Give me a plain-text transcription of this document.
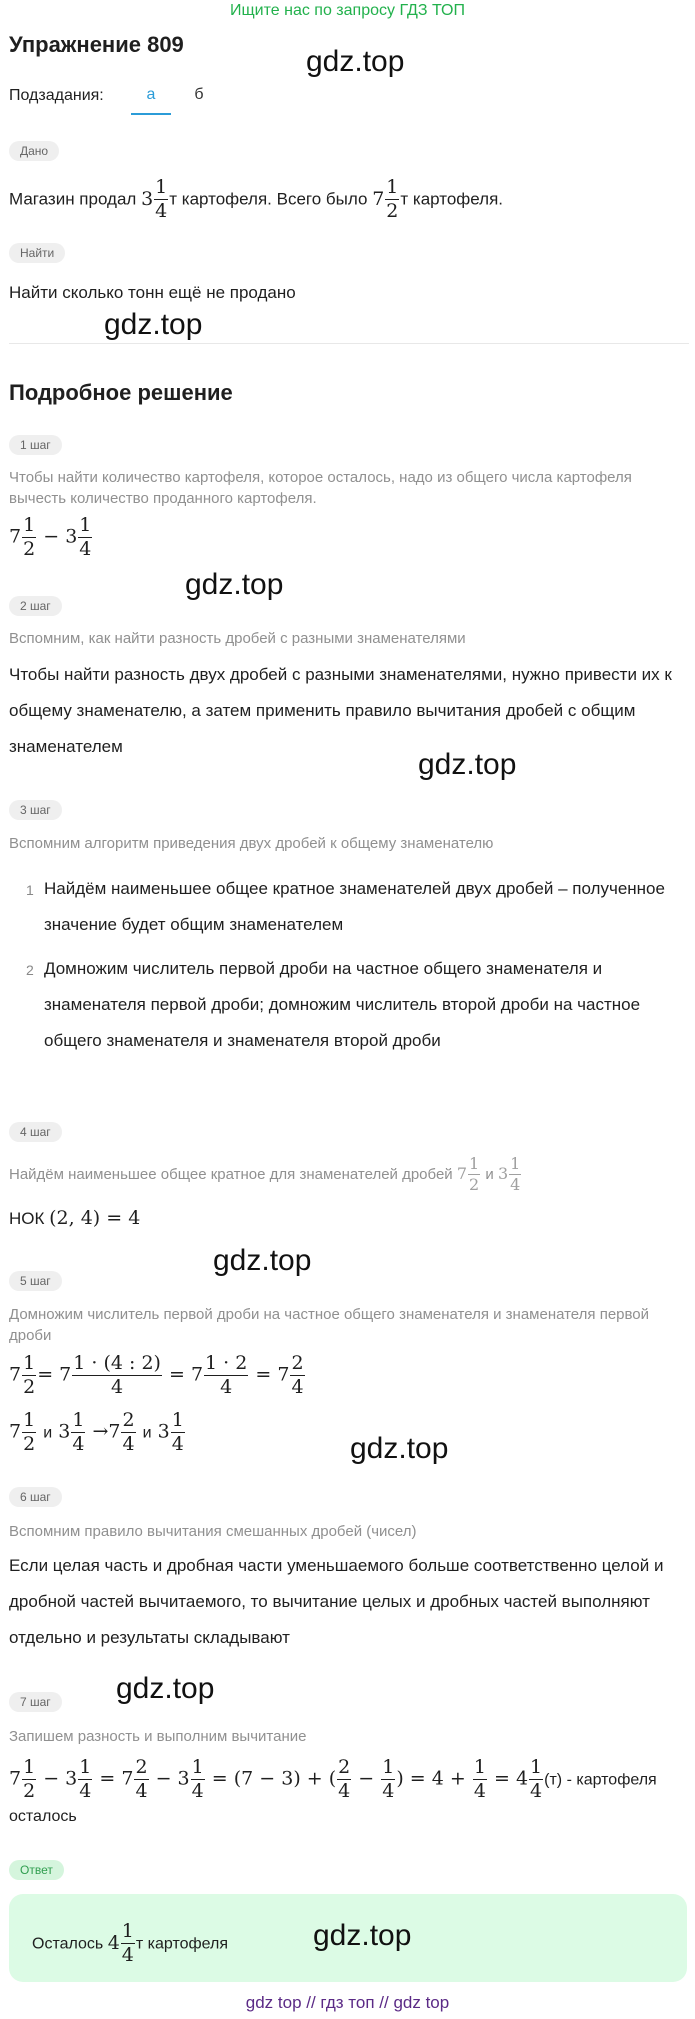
Ищите нас по запросу ГДЗ ТОП
Упражнение 809
gdz.top
Подзадания:	а	б
Дано
Магазин продал $3 \frac{1}{4}$ т картофеля. Всего было $7 \frac{1}{2}$ т картофеля.
Найти
Найти сколько тонн ещё не продано
gdz.top
Подробное решение
1 шаг
Чтобы найти количество картофеля, которое осталось, надо из общего числа картофеля вычесть количество проданного картофеля.
$7 \frac{1}{2} - 3 \frac{1}{4}$
gdz.top
2 шаг
Вспомним, как найти разность дробей с разными знаменателями
Чтобы найти разность двух дробей с разными знаменателями, нужно привести их к общему знаменателю, а затем применить правило вычитания дробей с общим знаменателем
gdz.top
3 шаг
Вспомним алгоритм приведения двух дробей к общему знаменателю
1 Найдём наименьшее общее кратное знаменателей двух дробей – полученное значение будет общим знаменателем
2 Домножим числитель первой дроби на частное общего знаменателя и знаменателя первой дроби; домножим числитель второй дроби на частное общего знаменателя и знаменателя второй дроби
4 шаг
Найдём наименьшее общее кратное для знаменателей дробей $7 \frac{1}{2}$ и $3 \frac{1}{4}$
НОК (2, 4) = 4
gdz.top
5 шаг
Домножим числитель первой дроби на частное общего знаменателя и знаменателя первой дроби
$7 \frac{1}{2} = 7 \frac{1 \cdot (4 : 2)}{4} = 7 \frac{1 \cdot 2}{4} = 7 \frac{2}{4}$
$7 \frac{1}{2}$ и $3 \frac{1}{4} \to 7 \frac{2}{4}$ и $3 \frac{1}{4}$	gdz.top
6 шаг
Вспомним правило вычитания смешанных дробей (чисел)
Если целая часть и дробная части уменьшаемого больше соответственно целой и дробной частей вычитаемого, то вычитание целых и дробных частей выполняют отдельно и результаты складывают
gdz.top
7 шаг
Запишем разность и выполним вычитание
$7 \frac{1}{2} - 3 \frac{1}{4} = 7 \frac{2}{4} - 3 \frac{1}{4} = (7 - 3)$ + ( $\frac{2}{4} - \frac{1}{4}$ ) = $4 + \frac{1}{4} = 4 \frac{1}{4} (т)$ - картофеля
осталось
Ответ
Осталось $4 \frac{1}{4}$ т картофеля	gdz.top
gdz top // гдз топ // gdz top
